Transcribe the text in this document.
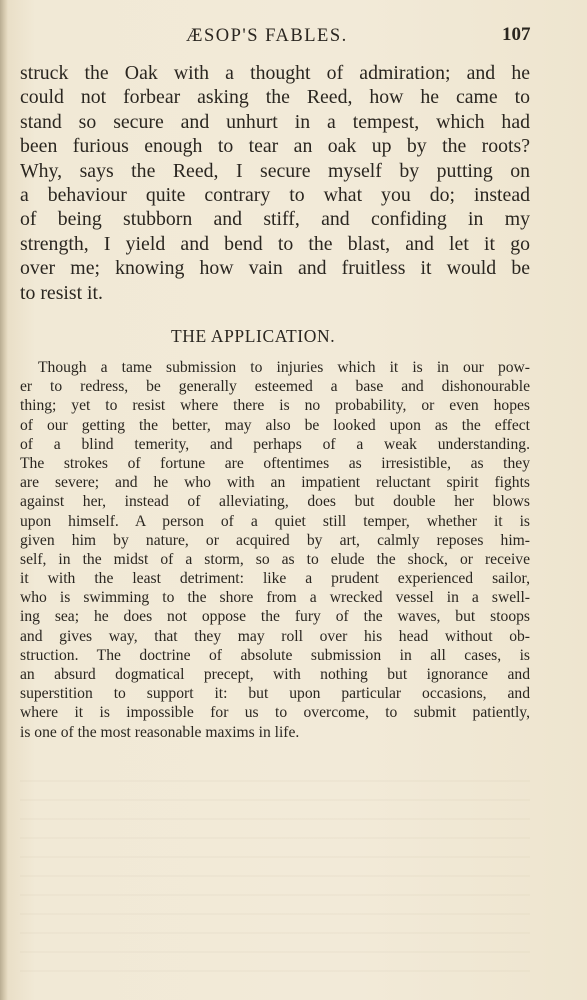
ÆSOP'S FABLES.	107
struck the Oak with a thought of admiration; and he
could not forbear asking the Reed, how he came to
stand so secure and unhurt in a tempest, which had
been furious enough to tear an oak up by the roots?
Why, says the Reed, I secure myself by putting on
a behaviour quite contrary to what you do; instead
of being stubborn and stiff, and confiding in my
strength, I yield and bend to the blast, and let it go
over me; knowing how vain and fruitless it would be
to resist it.
THE APPLICATION.
Though a tame submission to injuries which it is in our pow-
er to redress, be generally esteemed a base and dishonourable
thing; yet to resist where there is no probability, or even hopes
of our getting the better, may also be looked upon as the effect
of a blind temerity, and perhaps of a weak understanding.
The strokes of fortune are oftentimes as irresistible, as they
are severe; and he who with an impatient reluctant spirit fights
against her, instead of alleviating, does but double her blows
upon himself. A person of a quiet still temper, whether it is
given him by nature, or acquired by art, calmly reposes him-
self, in the midst of a storm, so as to elude the shock, or receive
it with the least detriment: like a prudent experienced sailor,
who is swimming to the shore from a wrecked vessel in a swell-
ing sea; he does not oppose the fury of the waves, but stoops
and gives way, that they may roll over his head without ob-
struction. The doctrine of absolute submission in all cases, is
an absurd dogmatical precept, with nothing but ignorance and
superstition to support it: but upon particular occasions, and
where it is impossible for us to overcome, to submit patiently,
is one of the most reasonable maxims in life.
